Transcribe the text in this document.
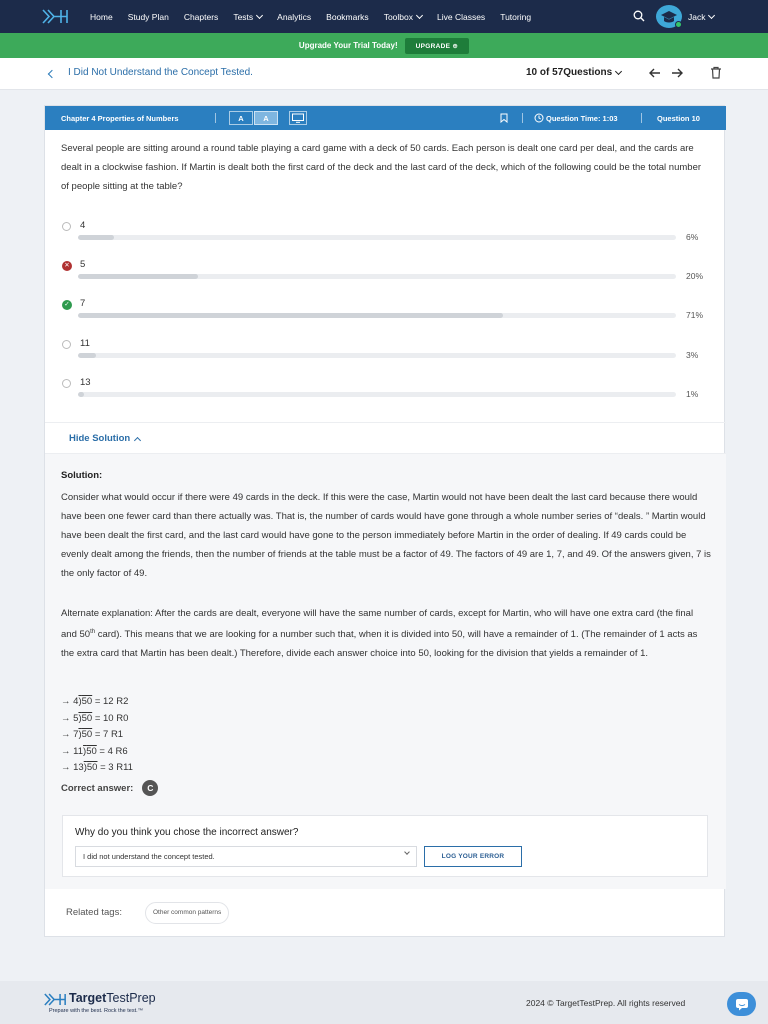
Home Study Plan Chapters Tests	Analytics Bookmarks Toolbox	Live Classes Tutoring	Jack
Upgrade Your Trial Today!	UPGRADE ⊕
I Did Not Understand the Concept Tested.	10 of 57Questions
Chapter 4 Properties of Numbers	A	A	Question Time: 1:03	Question 10
Several people are sitting around a round table playing a card game with a deck of 50 cards. Each person is dealt one card per deal, and the cards are dealt in a clockwise fashion. If Martin is dealt both the first card of the deck and the last card of the deck, which of the following could be the total number of people sitting at the table?
4
6%
✕ 5
20%
✓ 7
71%
11
3%
13
1%
Hide Solution
Solution:
Consider what would occur if there were 49 cards in the deck. If this were the case, Martin would not have been dealt the last card because there would have been one fewer card than there actually was. That is, the number of cards would have gone through a whole number series of “deals. ” Martin would have been dealt the first card, and the last card would have gone to the person immediately before Martin in the order of dealing. If 49 cards could be evenly dealt among the friends, then the number of friends at the table must be a factor of 49. The factors of 49 are 1, 7, and 49. Of the answers given, 7 is the only factor of 49.
Alternate explanation: After the cards are dealt, everyone will have the same number of cards, except for Martin, who will have one extra card (the final and 50th card). This means that we are looking for a number such that, when it is divided into 50, will have a remainder of 1. (The remainder of 1 acts as the extra card that Martin has been dealt.) Therefore, divide each answer choice into 50, looking for the division that yields a remainder of 1.
→ 4)50 = 12 R2
→ 5)50 = 10 R0
→ 7)50 = 7 R1
→ 11)50 = 4 R6
→ 13)50 = 3 R11
Correct answer:	C
Why do you think you chose the incorrect answer?
I did not understand the concept tested.	LOG YOUR ERROR
Related tags:	Other common patterns
TargetTestPrep
Prepare with the best. Rock the test.™
2024 © TargetTestPrep. All rights reserved
